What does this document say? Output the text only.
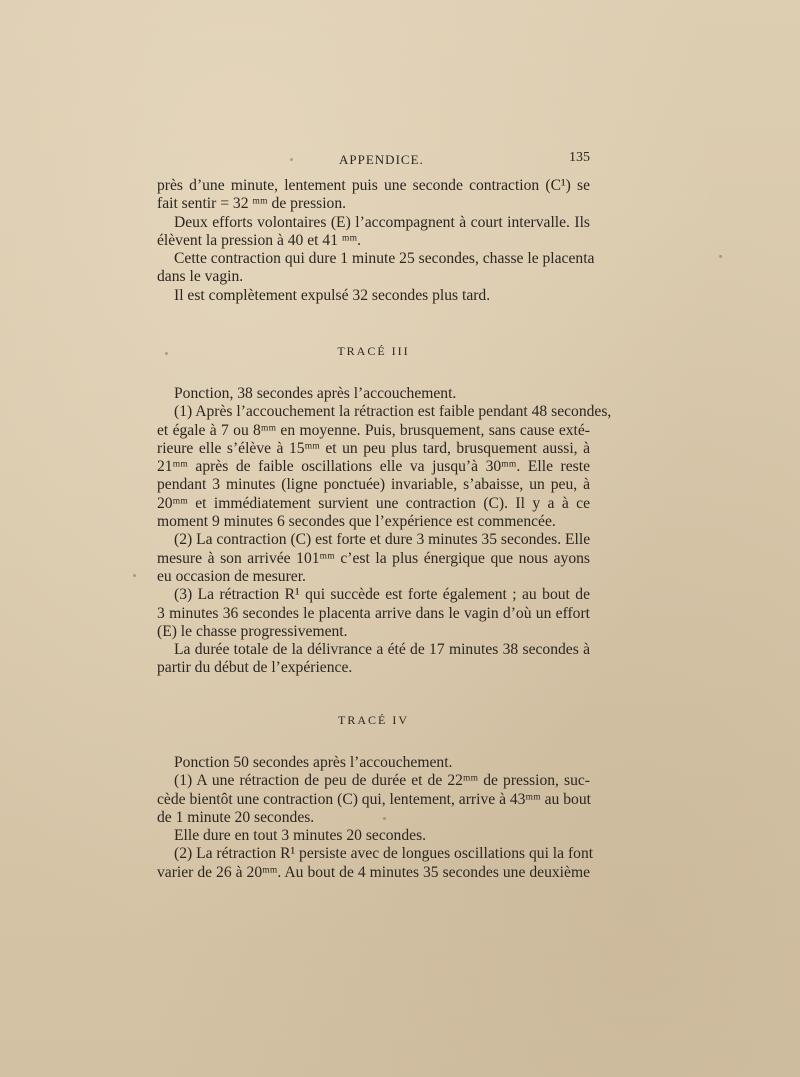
APPENDICE.	135

près d’une minute, lentement puis une seconde contraction (C¹) se

fait sentir = 32 ᵐᵐ de pression.

Deux efforts volontaires (E) l’accompagnent à court intervalle. Ils

élèvent la pression à 40 et 41 ᵐᵐ.

Cette contraction qui dure 1 minute 25 secondes, chasse le placenta

dans le vagin.

Il est complètement expulsé 32 secondes plus tard.

TRACÉ III

Ponction, 38 secondes après l’accouchement.

(1) Après l’accouchement la rétraction est faible pendant 48 secondes,

et égale à 7 ou 8ᵐᵐ en moyenne. Puis, brusquement, sans cause exté-

rieure elle s’élève à 15ᵐᵐ et un peu plus tard, brusquement aussi, à

21ᵐᵐ après de faible oscillations elle va jusqu’à 30ᵐᵐ. Elle reste

pendant 3 minutes (ligne ponctuée) invariable, s’abaisse, un peu, à

20ᵐᵐ et immédiatement survient une contraction (C). Il y a à ce

moment 9 minutes 6 secondes que l’expérience est commencée.

(2) La contraction (C) est forte et dure 3 minutes 35 secondes. Elle

mesure à son arrivée 101ᵐᵐ c’est la plus énergique que nous ayons

eu occasion de mesurer.

(3) La rétraction R¹ qui succède est forte également ; au bout de

3 minutes 36 secondes le placenta arrive dans le vagin d’où un effort

(E) le chasse progressivement.

La durée totale de la délivrance a été de 17 minutes 38 secondes à

partir du début de l’expérience.

TRACÉ IV

Ponction 50 secondes après l’accouchement.

(1) A une rétraction de peu de durée et de 22ᵐᵐ de pression, suc-

cède bientôt une contraction (C) qui, lentement, arrive à 43ᵐᵐ au bout

de 1 minute 20 secondes.

Elle dure en tout 3 minutes 20 secondes.

(2) La rétraction R¹ persiste avec de longues oscillations qui la font

varier de 26 à 20ᵐᵐ. Au bout de 4 minutes 35 secondes une deuxième
